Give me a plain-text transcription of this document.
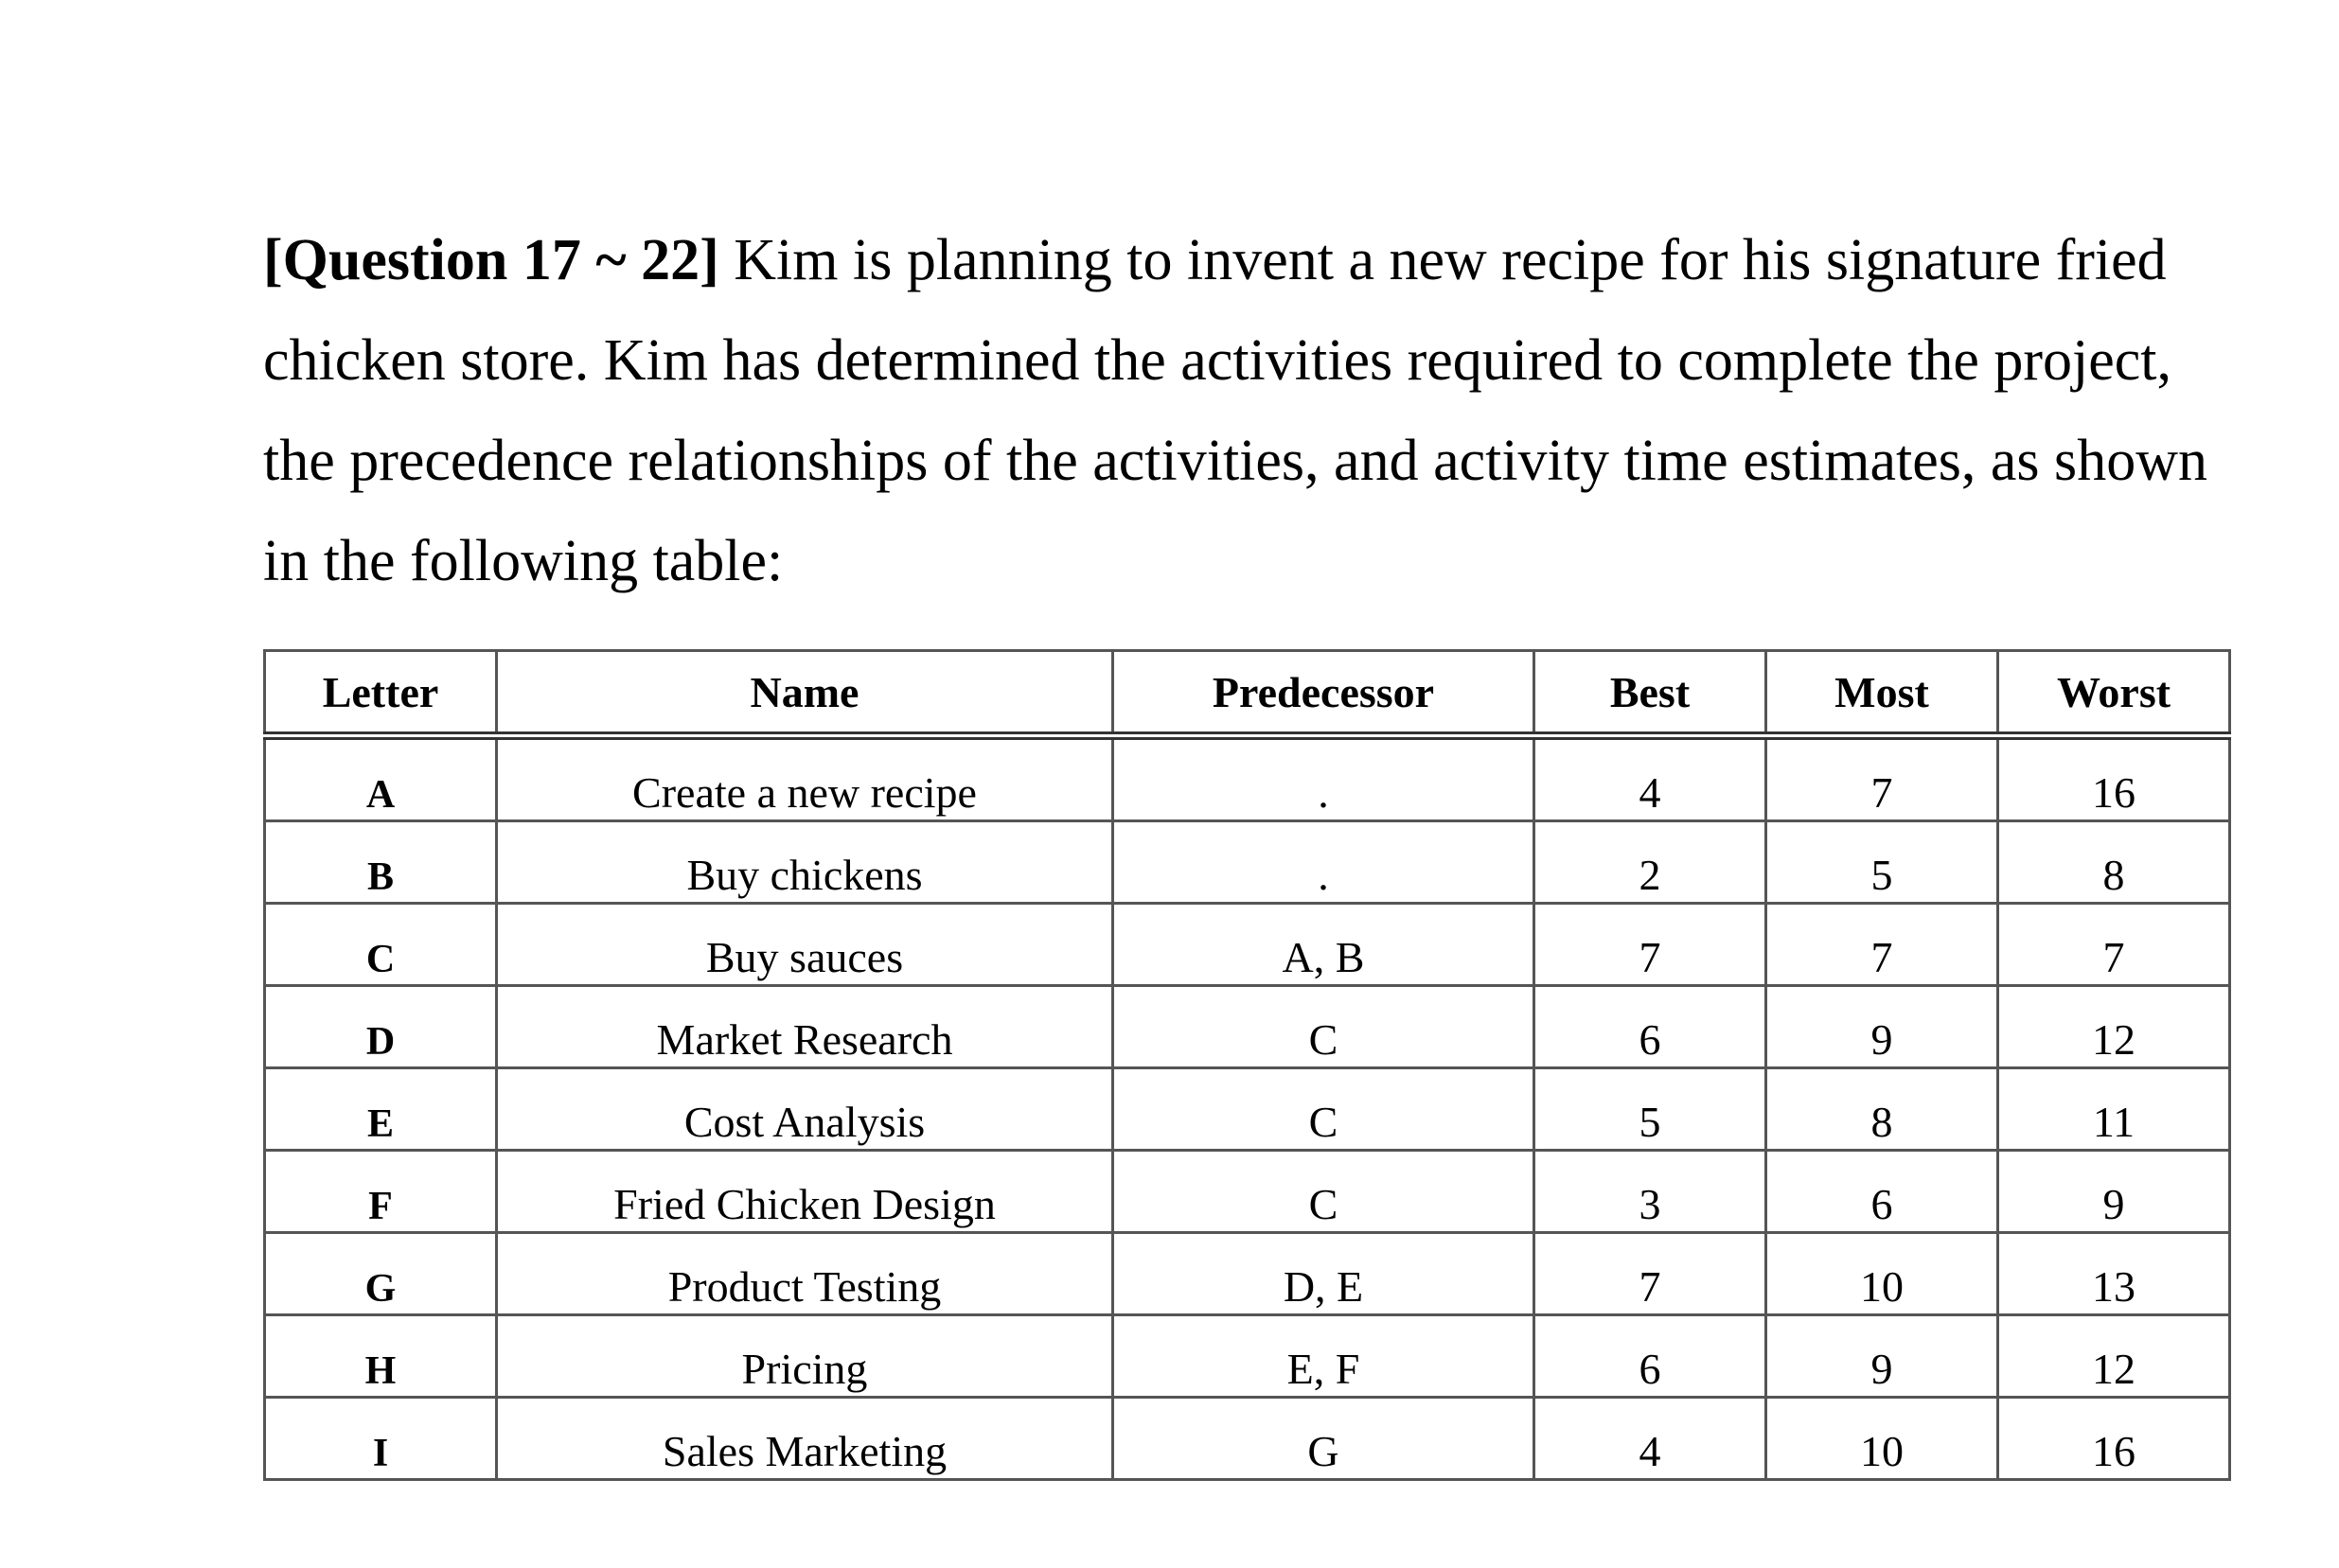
[Question 17 ~ 22] Kim is planning to invent a new recipe for his signature fried
chicken store. Kim has determined the activities required to complete the project,
the precedence relationships of the activities, and activity time estimates, as shown
in the following table:
Letter	Name	Predecessor	Best	Most	Worst
A	Create a new recipe	.	4	7	16
B	Buy chickens	.	2	5	8
C	Buy sauces	A, B	7	7	7
D	Market Research	C	6	9	12
E	Cost Analysis	C	5	8	11
F	Fried Chicken Design	C	3	6	9
G	Product Testing	D, E	7	10	13
H	Pricing	E, F	6	9	12
I	Sales Marketing	G	4	10	16
